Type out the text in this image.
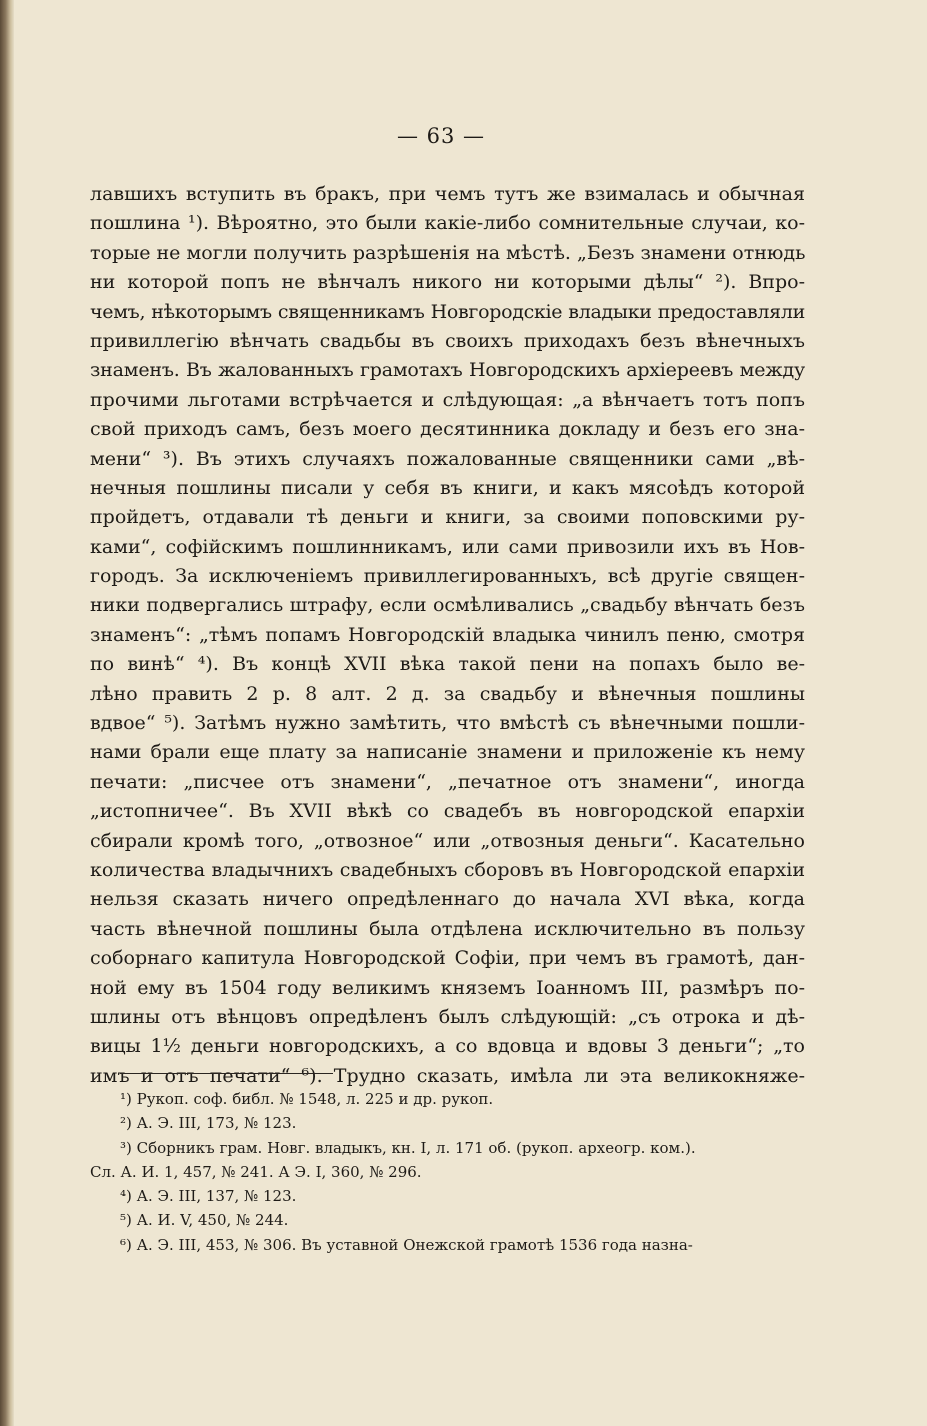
— 63 —
лавшихъ вступить въ бракъ, при чемъ тутъ же взималась и обычная
пошлина ¹). Вѣроятно, это были какіе-либо сомнительные случаи, ко-
торые не могли получить разрѣшенія на мѣстѣ. „Безъ знамени отнюдь
ни которой попъ не вѣнчалъ никого ни которыми дѣлы“ ²). Впро-
чемъ, нѣкоторымъ священникамъ Новгородскіе владыки предоставляли
привиллегію вѣнчать свадьбы въ своихъ приходахъ безъ вѣнечныхъ
знаменъ. Въ жалованныхъ грамотахъ Новгородскихъ архіереевъ между
прочими льготами встрѣчается и слѣдующая: „а вѣнчаетъ тотъ попъ
свой приходъ самъ, безъ моего десятинника докладу и безъ его зна-
мени“ ³). Въ этихъ случаяхъ пожалованные священники сами „вѣ-
нечныя пошлины писали у себя въ книги, и какъ мясоѣдъ которой
пройдетъ, отдавали тѣ деньги и книги, за своими поповскими ру-
ками“, софійскимъ пошлинникамъ, или сами привозили ихъ въ Нов-
городъ. За исключеніемъ привиллегированныхъ, всѣ другіе священ-
ники подвергались штрафу, если осмѣливались „свадьбу вѣнчать безъ
знаменъ“: „тѣмъ попамъ Новгородскій владыка чинилъ пеню, смотря
по винѣ“ ⁴). Въ концѣ XVII вѣка такой пени на попахъ было ве-
лѣно править 2 р. 8 алт. 2 д. за свадьбу и вѣнечныя пошлины
вдвое“ ⁵). Затѣмъ нужно замѣтить, что вмѣстѣ съ вѣнечными пошли-
нами брали еще плату за написаніе знамени и приложеніе къ нему
печати: „писчее отъ знамени“, „печатное отъ знамени“, иногда
„истопничее“. Въ XVII вѣкѣ со свадебъ въ новгородской епархіи
сбирали кромѣ того, „отвозное“ или „отвозныя деньги“. Касательно
количества владычнихъ свадебныхъ сборовъ въ Новгородской епархіи
нельзя сказать ничего опредѣленнаго до начала XVI вѣка, когда
часть вѣнечной пошлины была отдѣлена исключительно въ пользу
соборнаго капитула Новгородской Софіи, при чемъ въ грамотѣ, дан-
ной ему въ 1504 году великимъ княземъ Іоанномъ III, размѣръ по-
шлины отъ вѣнцовъ опредѣленъ былъ слѣдующій: „съ отрока и дѣ-
вицы 1½ деньги новгородскихъ, а со вдовца и вдовы 3 деньги“; „то
имъ и отъ печати“ ⁶). Трудно сказать, имѣла ли эта великокняже-
¹) Рукоп. соф. библ. № 1548, л. 225 и др. рукоп.
²) А. Э. III, 173, № 123.
³) Сборникъ грам. Новг. владыкъ, кн. I, л. 171 об. (рукоп. археогр. ком.).
Сл. А. И. 1, 457, № 241. А Э. I, 360, № 296.
⁴) А. Э. III, 137, № 123.
⁵) А. И. V, 450, № 244.
⁶) А. Э. III, 453, № 306. Въ уставной Онежской грамотѣ 1536 года назна-
